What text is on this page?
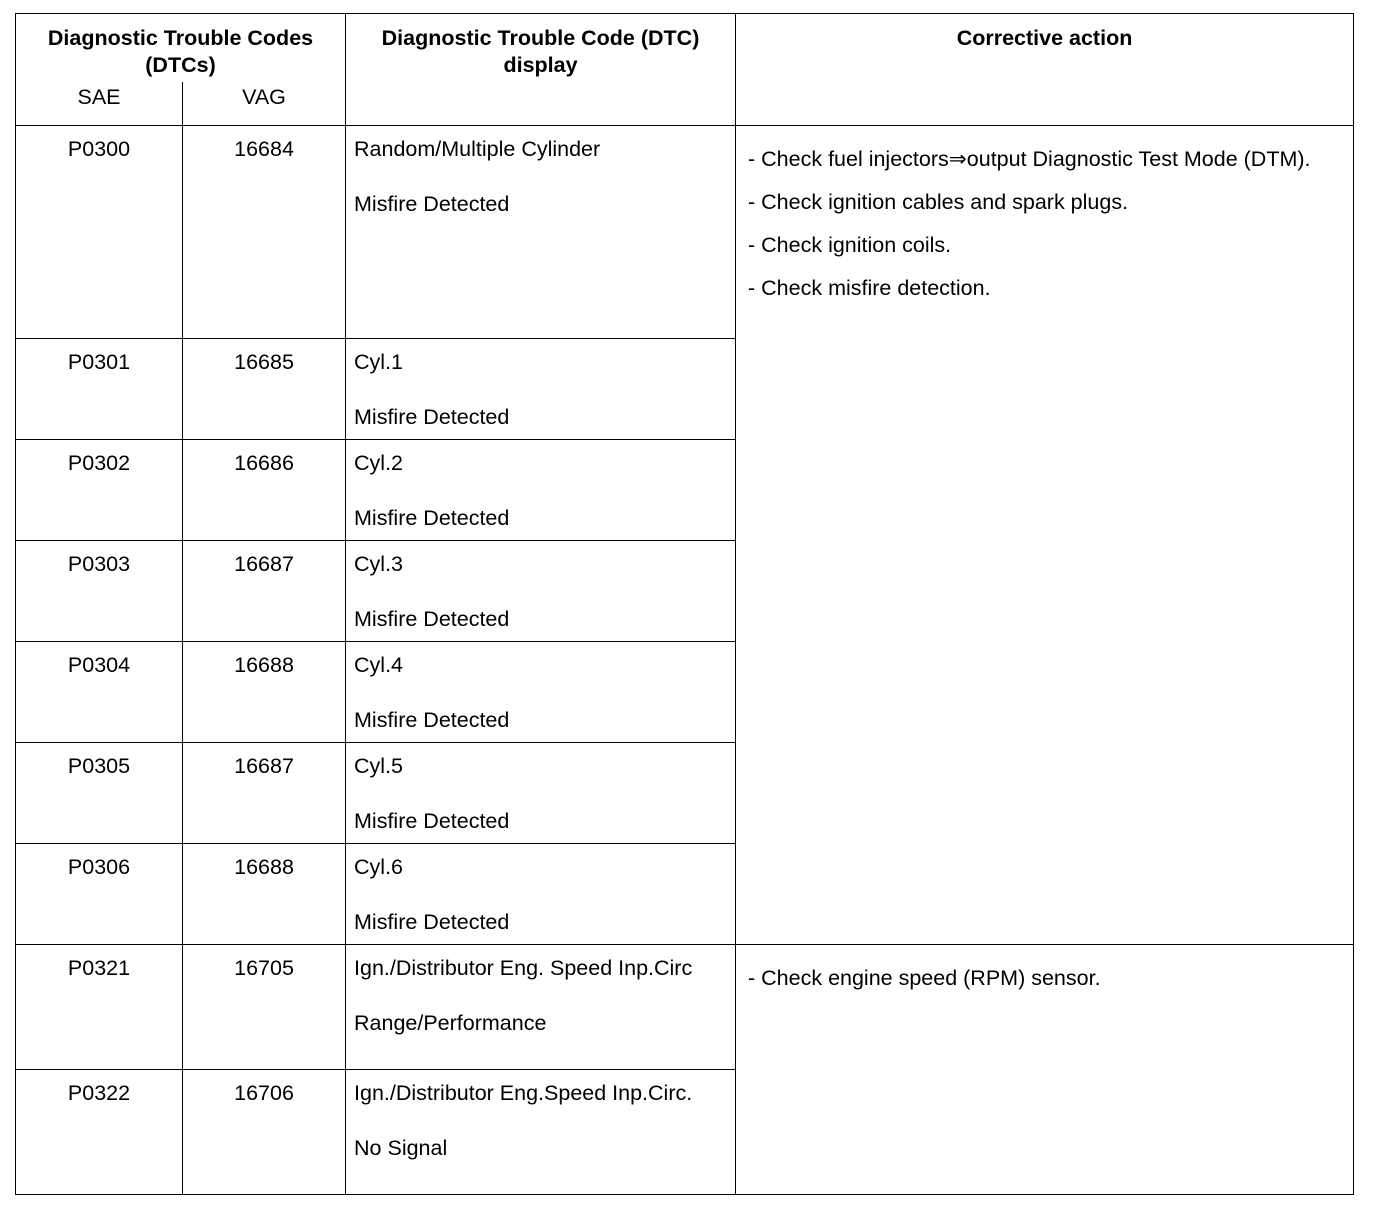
Diagnostic Trouble Codes (DTCs)		Diagnostic Trouble Code (DTC) display	Corrective action
SAE	VAG		
P0300	16684	Random/Multiple Cylinder
Misfire Detected	- Check fuel injectors⇒output Diagnostic Test Mode (DTM).
- Check ignition cables and spark plugs.
- Check ignition coils.
- Check misfire detection.

P0301	16685	Cyl.1
Misfire Detected	

P0302	16686	Cyl.2
Misfire Detected	

P0303	16687	Cyl.3
Misfire Detected	

P0304	16688	Cyl.4
Misfire Detected	

P0305	16687	Cyl.5
Misfire Detected	

P0306	16688	Cyl.6
Misfire Detected	

P0321	16705	Ign./Distributor Eng. Speed Inp.Circ
Range/Performance	- Check engine speed (RPM) sensor.

P0322	16706	Ign./Distributor Eng.Speed Inp.Circ.
No Signal	
